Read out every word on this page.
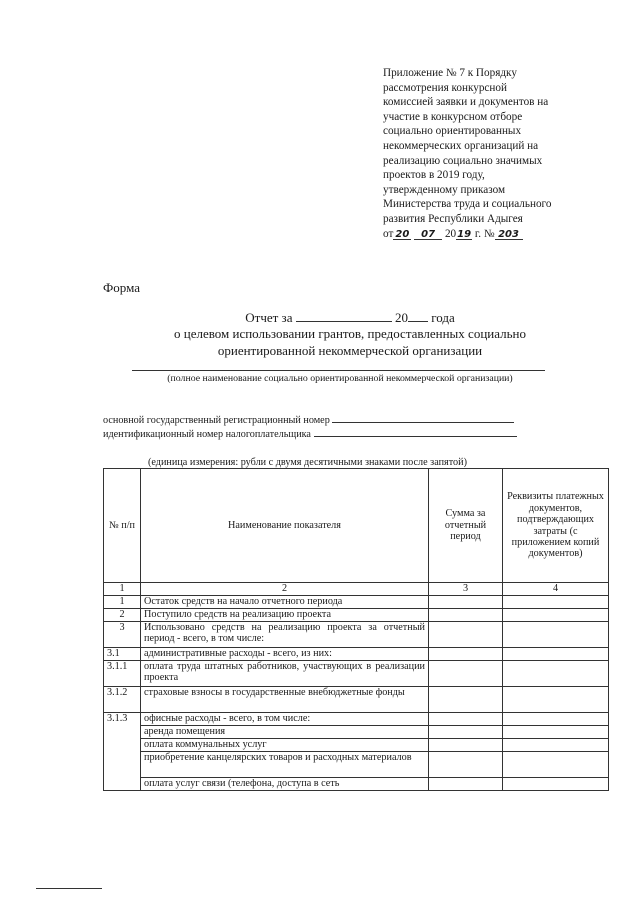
Приложение № 7 к Порядку
рассмотрения конкурсной
комиссией заявки и документов на
участие в конкурсном отборе
социально ориентированных
некоммерческих организаций на
реализацию социально значимых
проектов в 2019 году,
утвержденному приказом
Министерства труда и социального
развития Республики Адыгея
от 20 07 2019 г. № 203
Форма
Отчет за	20 года
о целевом использовании грантов, предоставленных социально
ориентированной некоммерческой организации
(полное наименование социально ориентированной некоммерческой организации)
основной государственный регистрационный номер
идентификационный номер налогоплательщика
(единица измерения: рубли с двумя десятичными знаками после запятой)
№ п/п	Наименование показателя	Сумма за отчетный период	Реквизиты платежных документов, подтверждающих затраты (с приложением копий документов)
1	2	3	4
1	Остаток средств на начало отчетного периода		
2	Поступило средств на реализацию проекта		
3	Использовано средств на реализацию проекта за отчетный период - всего, в том числе:		
3.1	административные расходы - всего, из них:		
3.1.1	оплата труда штатных работников, участвующих в реализации проекта		
3.1.2	страховые взносы в государственные внебюджетные фонды		
3.1.3	офисные расходы - всего, в том числе:		
	аренда помещения		
	оплата коммунальных услуг		
	приобретение канцелярских товаров и расходных материалов		
	оплата услуг связи (телефона, доступа в сеть		
